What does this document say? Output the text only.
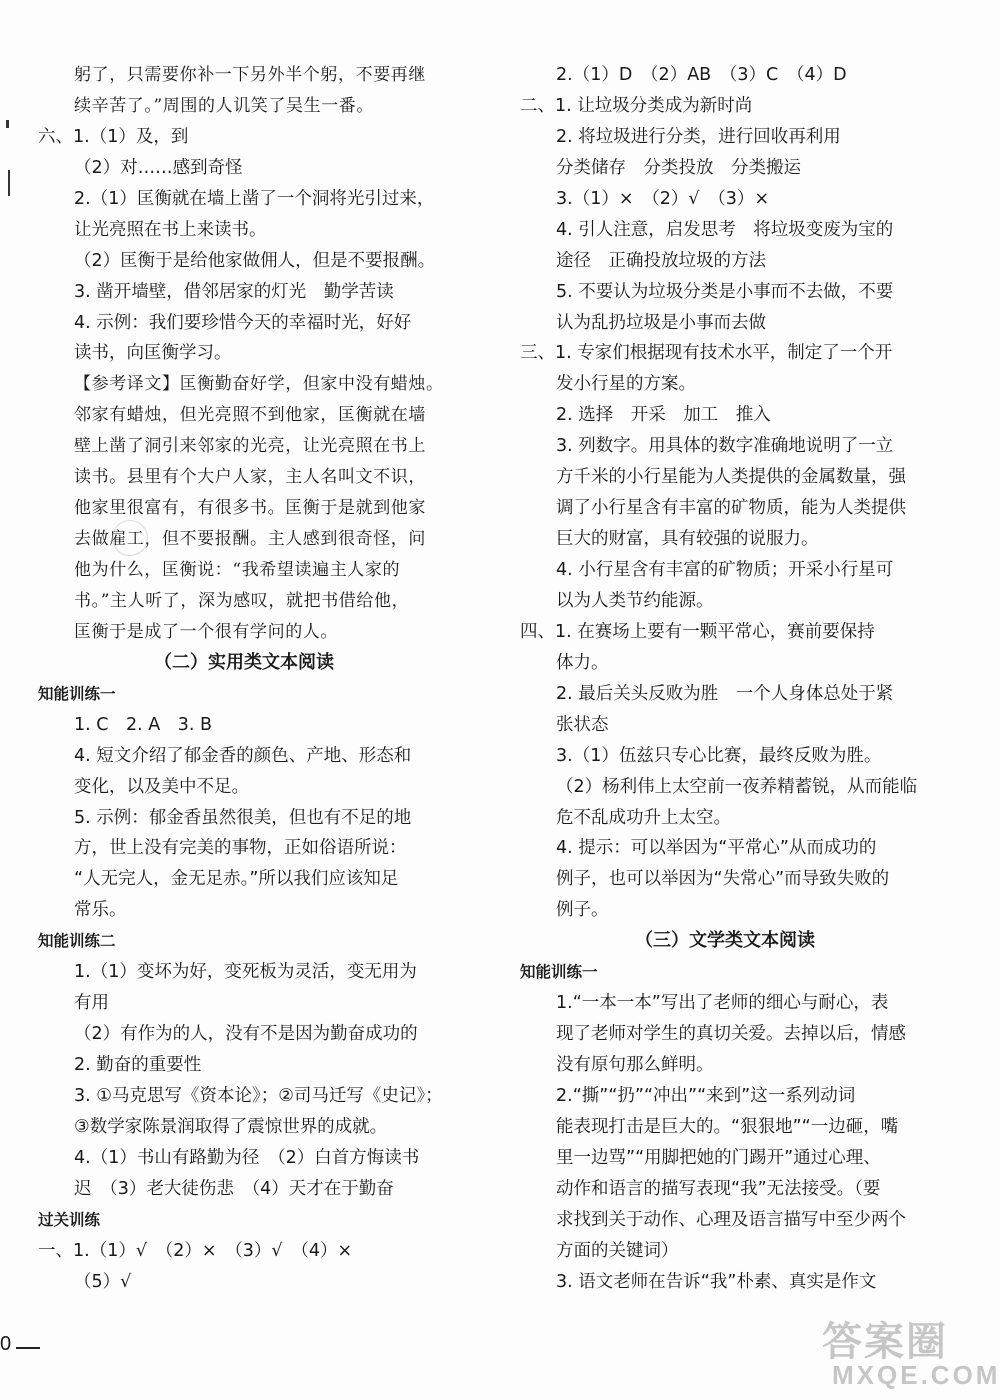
躬了，只需要你补一下另外半个躬，不要再继
续辛苦了。”周围的人讥笑了吴生一番。
六、1.（1）及，到
（2）对……感到奇怪
2.（1）匡衡就在墙上凿了一个洞将光引过来，
让光亮照在书上来读书。
（2）匡衡于是给他家做佣人，但是不要报酬。
3. 凿开墙壁，借邻居家的灯光　勤学苦读
4. 示例：我们要珍惜今天的幸福时光，好好
读书，向匡衡学习。
【参考译文】匡衡勤奋好学，但家中没有蜡烛。
邻家有蜡烛，但光亮照不到他家，匡衡就在墙
壁上凿了洞引来邻家的光亮，让光亮照在书上
读书。县里有个大户人家，主人名叫文不识，
他家里很富有，有很多书。匡衡于是就到他家
去做雇工，但不要报酬。主人感到很奇怪，问
他为什么，匡衡说：“我希望读遍主人家的
书。”主人听了，深为感叹，就把书借给他，
匡衡于是成了一个很有学问的人。
（二）实用类文本阅读
知能训练一
1. C　2. A　3. B
4. 短文介绍了郁金香的颜色、产地、形态和
变化，以及美中不足。
5. 示例：郁金香虽然很美，但也有不足的地
方，世上没有完美的事物，正如俗语所说：
“人无完人，金无足赤。”所以我们应该知足
常乐。
知能训练二
1.（1）变坏为好，变死板为灵活，变无用为
有用
（2）有作为的人，没有不是因为勤奋成功的
2. 勤奋的重要性
3. ①马克思写《资本论》；②司马迁写《史记》；
③数学家陈景润取得了震惊世界的成就。
4.（1）书山有路勤为径　（2）白首方悔读书
迟　（3）老大徒伤悲　（4）天才在于勤奋
过关训练
一、1.（1）√　（2）×　（3）√　（4）×
（5）√
2.（1）D　（2）AB　（3）C　（4）D
二、1. 让垃圾分类成为新时尚
2. 将垃圾进行分类，进行回收再利用
分类储存　分类投放　分类搬运
3.（1）×　（2）√　（3）×
4. 引人注意，启发思考　将垃圾变废为宝的
途径　正确投放垃圾的方法
5. 不要认为垃圾分类是小事而不去做，不要
认为乱扔垃圾是小事而去做
三、1. 专家们根据现有技术水平，制定了一个开
发小行星的方案。
2. 选择　开采　加工　推入
3. 列数字。用具体的数字准确地说明了一立
方千米的小行星能为人类提供的金属数量，强
调了小行星含有丰富的矿物质，能为人类提供
巨大的财富，具有较强的说服力。
4. 小行星含有丰富的矿物质；开采小行星可
以为人类节约能源。
四、1. 在赛场上要有一颗平常心，赛前要保持
体力。
2. 最后关头反败为胜　一个人身体总处于紧
张状态
3.（1）伍兹只专心比赛，最终反败为胜。
（2）杨利伟上太空前一夜养精蓄锐，从而能临
危不乱成功升上太空。
4. 提示：可以举因为“平常心”从而成功的
例子，也可以举因为“失常心”而导致失败的
例子。
（三）文学类文本阅读
知能训练一
1.“一本一本”写出了老师的细心与耐心，表
现了老师对学生的真切关爱。去掉以后，情感
没有原句那么鲜明。
2.“撕”“扔”“冲出”“来到”这一系列动词
能表现打击是巨大的。“狠狠地”“一边砸，嘴
里一边骂”“用脚把她的门踢开”通过心理、
动作和语言的描写表现“我”无法接受。（要
求找到关于动作、心理及语言描写中至少两个
方面的关键词）
3. 语文老师在告诉“我”朴素、真实是作文
0	答案圈
MXQE.COM
